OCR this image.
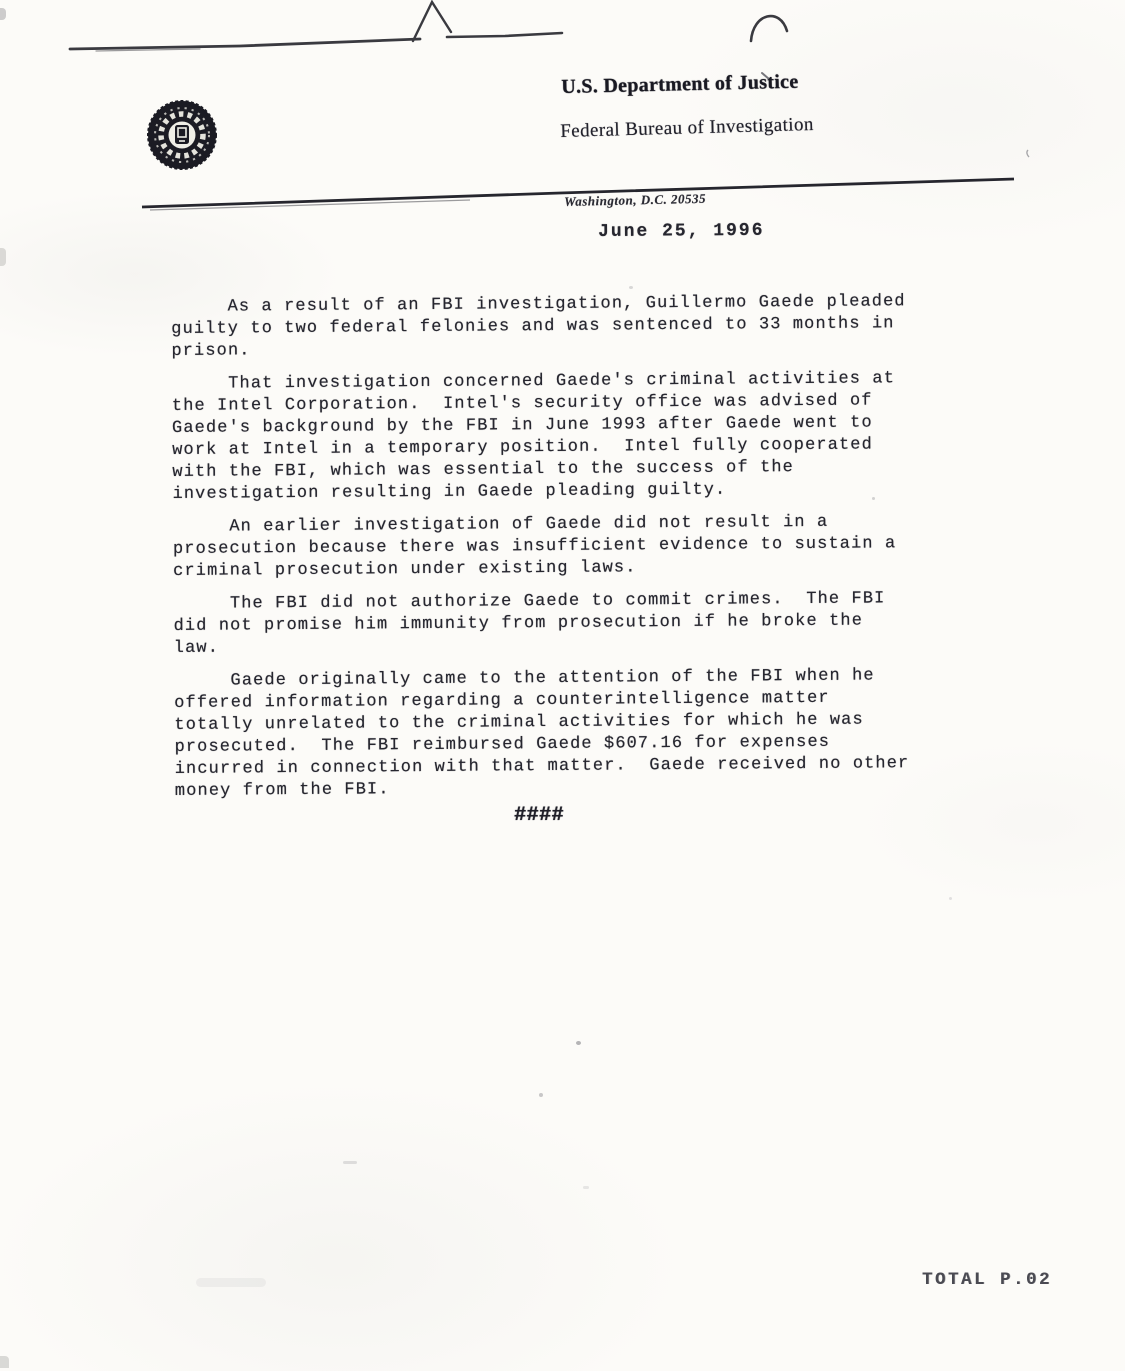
U.S. Department of Justice
Federal Bureau of Investigation
Washington, D.C. 20535
June 25, 1996
As a result of an FBI investigation, Guillermo Gaede pleaded
guilty to two federal felonies and was sentenced to 33 months in
prison.
That investigation concerned Gaede's criminal activities at
the Intel Corporation.  Intel's security office was advised of
Gaede's background by the FBI in June 1993 after Gaede went to
work at Intel in a temporary position.  Intel fully cooperated
with the FBI, which was essential to the success of the
investigation resulting in Gaede pleading guilty.
An earlier investigation of Gaede did not result in a
prosecution because there was insufficient evidence to sustain a
criminal prosecution under existing laws.
The FBI did not authorize Gaede to commit crimes.  The FBI
did not promise him immunity from prosecution if he broke the
law.
Gaede originally came to the attention of the FBI when he
offered information regarding a counterintelligence matter
totally unrelated to the criminal activities for which he was
prosecuted.  The FBI reimbursed Gaede $607.16 for expenses
incurred in connection with that matter.  Gaede received no other
money from the FBI.
####
TOTAL P.02
